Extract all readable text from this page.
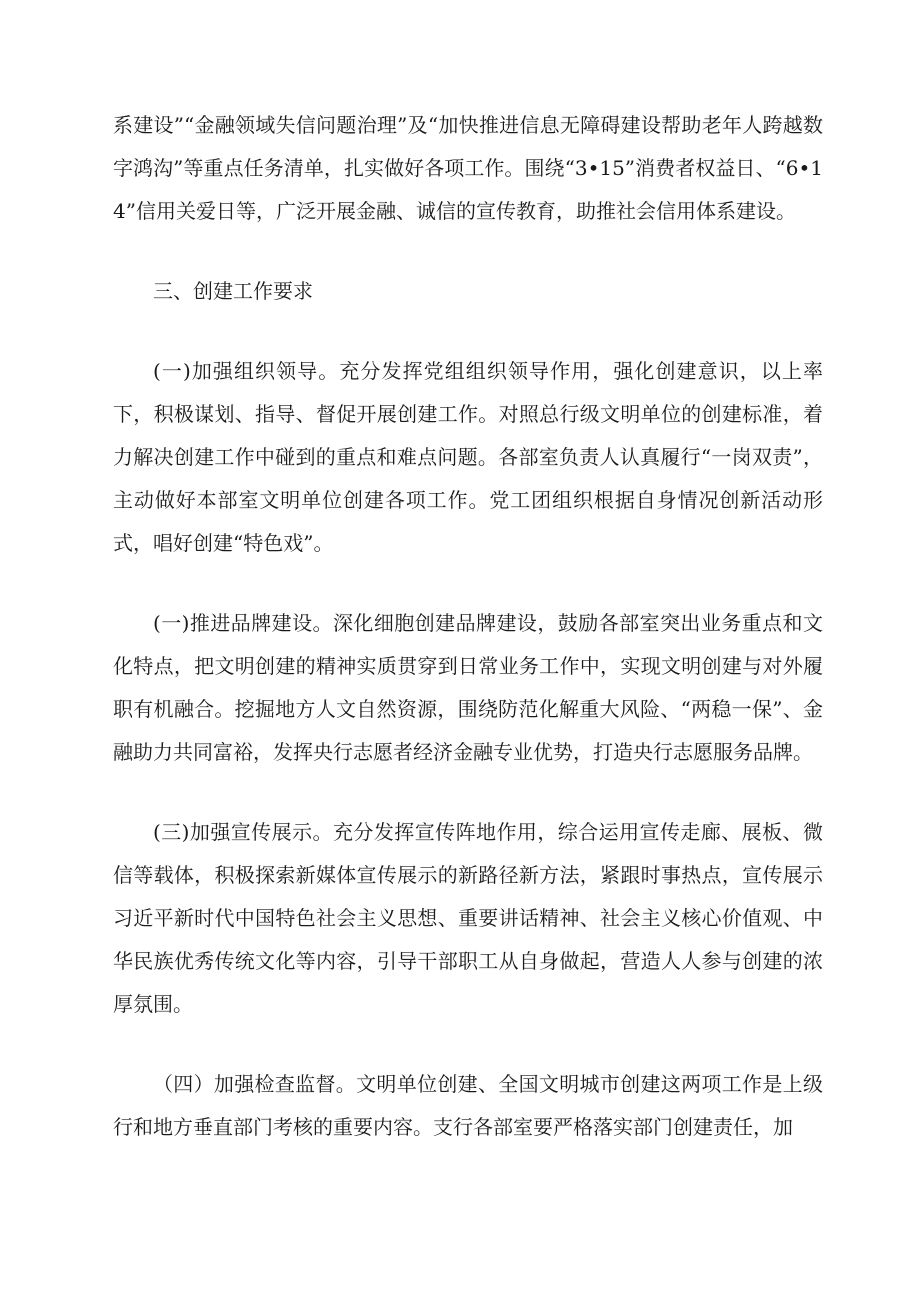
系建设”“金融领域失信问题治理”及“加快推进信息无障碍建设帮助老年人跨越数字鸿沟”等重点任务清单，扎实做好各项工作。围绕“3•15”消费者权益日、“6•14”信用关爱日等，广泛开展金融、诚信的宣传教育，助推社会信用体系建设。

三、创建工作要求

(一)加强组织领导。充分发挥党组组织领导作用，强化创建意识，以上率下，积极谋划、指导、督促开展创建工作。对照总行级文明单位的创建标准，着力解决创建工作中碰到的重点和难点问题。各部室负责人认真履行“一岗双责”，主动做好本部室文明单位创建各项工作。党工团组织根据自身情况创新活动形式，唱好创建“特色戏”。

(一)推进品牌建设。深化细胞创建品牌建设，鼓励各部室突出业务重点和文化特点，把文明创建的精神实质贯穿到日常业务工作中，实现文明创建与对外履职有机融合。挖掘地方人文自然资源，围绕防范化解重大风险、“两稳一保”、金融助力共同富裕，发挥央行志愿者经济金融专业优势，打造央行志愿服务品牌。

(三)加强宣传展示。充分发挥宣传阵地作用，综合运用宣传走廊、展板、微信等载体，积极探索新媒体宣传展示的新路径新方法，紧跟时事热点，宣传展示习近平新时代中国特色社会主义思想、重要讲话精神、社会主义核心价值观、中华民族优秀传统文化等内容，引导干部职工从自身做起，营造人人参与创建的浓厚氛围。

（四）加强检查监督。文明单位创建、全国文明城市创建这两项工作是上级行和地方垂直部门考核的重要内容。支行各部室要严格落实部门创建责任，加
